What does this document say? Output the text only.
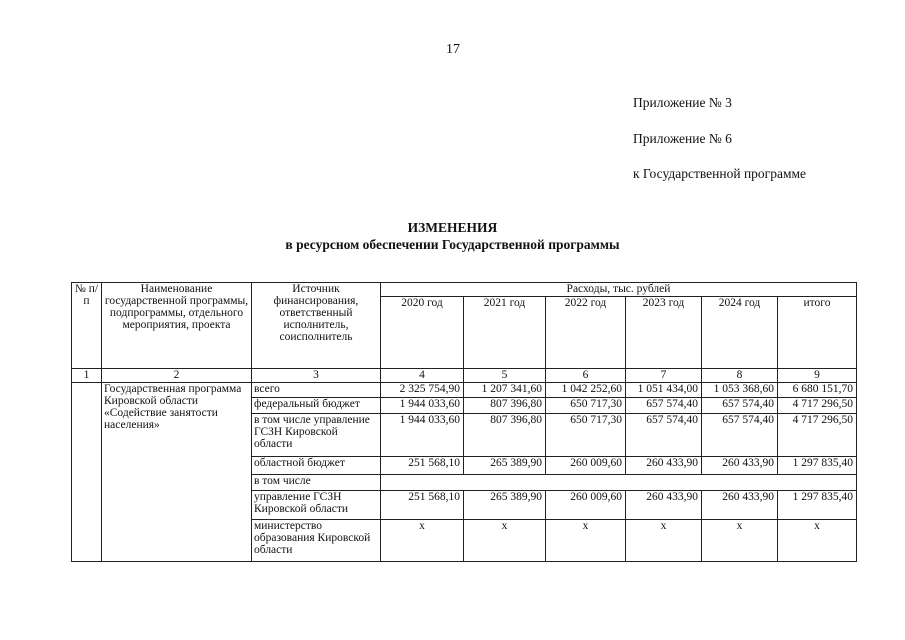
17
Приложение № 3
Приложение № 6
к Государственной программе
ИЗМЕНЕНИЯ
в ресурсном обеспечении Государственной программы
№ п/п	Наименование государственной программы, подпрограммы, отдельного мероприятия, проекта	Источник финансирования, ответственный исполнитель, соисполнитель	Расходы, тыс. рублей					
			2020 год	2021 год	2022 год	2023 год	2024 год	итого
1	2	3	4	5	6	7	8	9
	Государственная программа Кировской области «Содействие занятости населения»	всего	2 325 754,90	1 207 341,60	1 042 252,60	1 051 434,00	1 053 368,60	6 680 151,70
		федеральный бюджет	1 944 033,60	807 396,80	650 717,30	657 574,40	657 574,40	4 717 296,50
		в том числе управление ГСЗН Кировской области	1 944 033,60	807 396,80	650 717,30	657 574,40	657 574,40	4 717 296,50
		областной бюджет	251 568,10	265 389,90	260 009,60	260 433,90	260 433,90	1 297 835,40
		в том числе						
		управление ГСЗН Кировской области	251 568,10	265 389,90	260 009,60	260 433,90	260 433,90	1 297 835,40
		министерство образования Кировской области	x	x	x	x	x	x
